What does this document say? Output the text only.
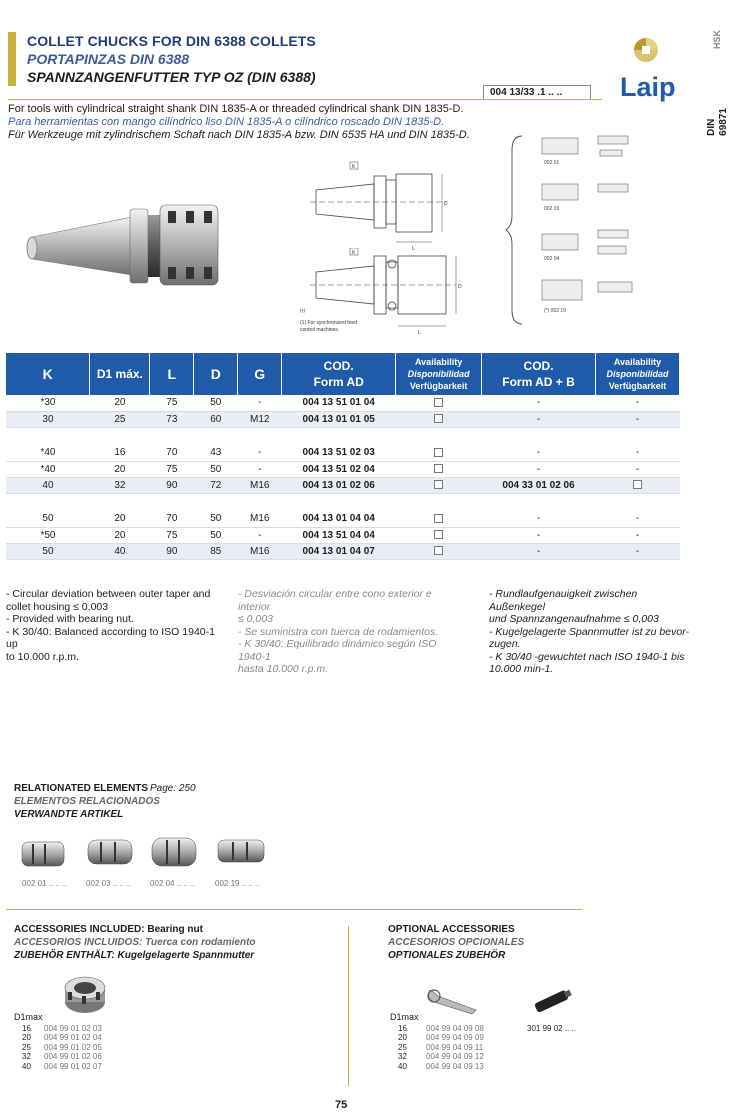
COLLET CHUCKS FOR DIN 6388 COLLETS
PORTAPINZAS DIN 6388
SPANNZANGENFUTTER TYP OZ (DIN 6388)
004 13/33 .1 .. ..	Laip
HSK
DIN
69871
For tools with cylindrical straight shank DIN 1835-A or threaded cylindrical shank DIN 1835-D.
Para herramientas con mango cilíndrico liso DIN 1835-A o cilíndrico roscado DIN 1835-D.
Für Werkzeuge mit zylindrischem Schaft nach DIN 1835-A bzw. DIN 6535 HA und DIN 1835-D.
K
L
D
K
D
L
(•)
(1) For synchronized feed
control machines.
002 01
002 03
002 04
(*) 002 19
K	D1 máx.	L	D	G	COD.
Form AD	Availability
Disponibilidad
Verfügbarkeit	COD.
Form AD + B	Availability
Disponibilidad
Verfügbarkeit
*30	20	75	50	-	004 13 51 01 04		-	-
30	25	73	60	M12	004 13 01 01 05		-	-

*40	16	70	43	-	004 13 51 02 03		-	-
*40	20	75	50	-	004 13 51 02 04		-	-
40	32	90	72	M16	004 13 01 02 06		004 33 01 02 06	

50	20	70	50	M16	004 13 01 04 04		-	-
*50	20	75	50	-	004 13 51 04 04		-	-
50	40	90	85	M16	004 13 01 04 07		-	-
- Circular deviation between outer taper and
collet housing ≤ 0,003
- Provided with bearing nut.
- K 30/40: Balanced according to ISO 1940-1 up
to 10.000 r.p.m.
- Desviación circular entre cono exterior e interior
≤ 0,003
- Se suministra con tuerca de rodamientos.
- K 30/40: Equilibrado dinámico según ISO 1940-1
hasta 10.000 r.p.m.
- Rundlaufgenauigkeit zwischen Außenkegel
und Spannzangenaufnahme ≤ 0,003
- Kugelgelagerte Spannmutter ist zu bevor-
zugen.
- K 30/40 -gewuchtet nach ISO 1940-1 bis
10.000 min-1.
RELATIONATED ELEMENTS Page: 250
ELEMENTOS RELACIONADOS
VERWANDTE ARTIKEL
002 01 .. .. .. 002 03 .. .. .. 002 04 .. .. ..	002 19 .. .. ..
ACCESSORIES INCLUDED: Bearing nut
ACCESORIOS INCLUIDOS: Tuerca con rodamiento
ZUBEHÖR ENTHÄLT: Kugelgelagerte Spannmutter
D1max
16 004 99 01 02 03
20 004 99 01 02 04
25 004 99 01 02 05
32 004 99 01 02 06
40 004 99 01 02 07
OPTIONAL ACCESSORIES
ACCESORIOS OPCIONALES
OPTIONALES ZUBEHÖR
301 99 02 .. ..
D1max
16 004 99 04 09 08
20 004 99 04 09 09
25 004 99 04 09 11
32 004 99 04 09 12
40 004 99 04 09 13
75
